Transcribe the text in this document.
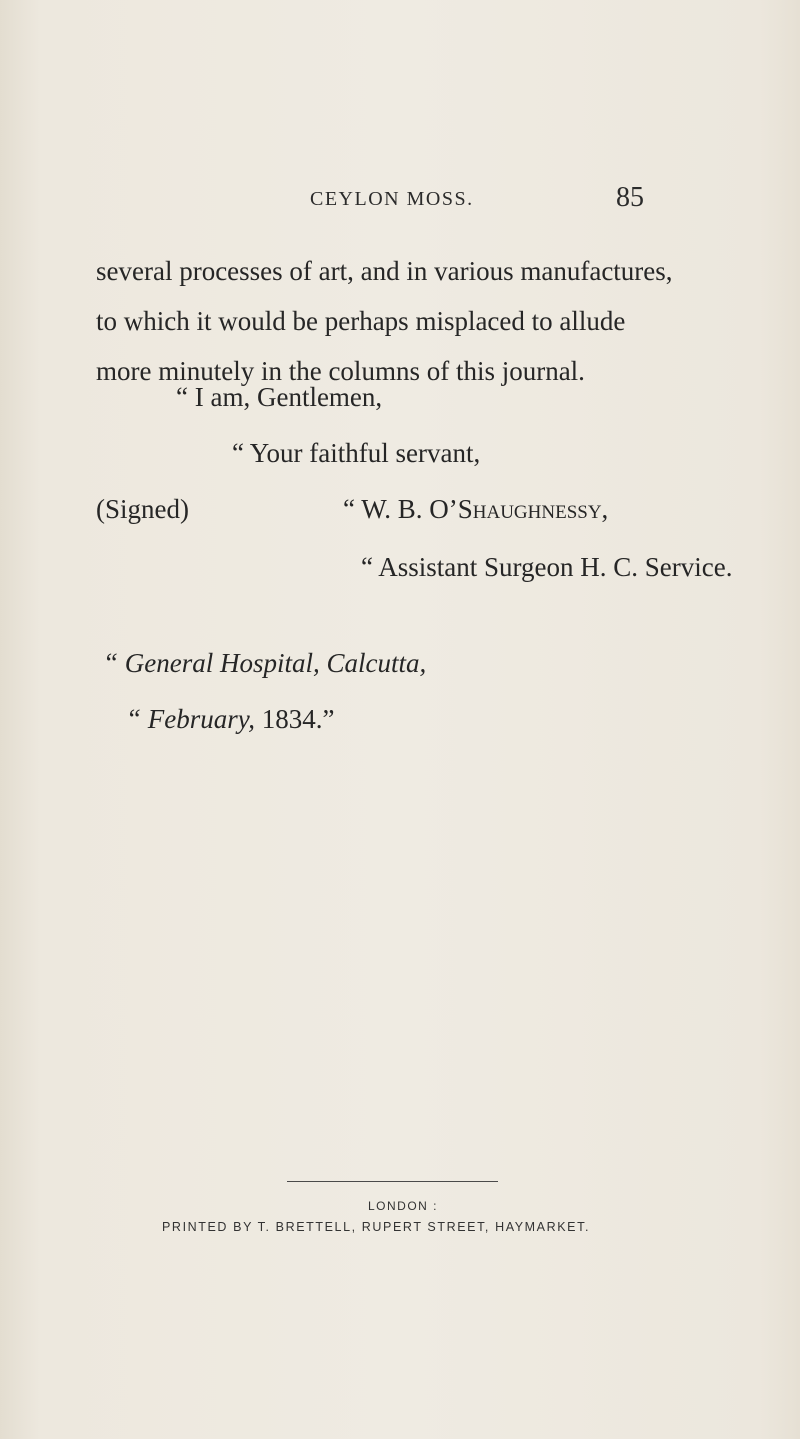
CEYLON MOSS.	85

several processes of art, and in various manufactures,

to which it would be perhaps misplaced to allude

more minutely in the columns of this journal.

“ I am, Gentlemen,
“ Your faithful servant,
(Signed)	“ W. B. O’Shaughnessy,
“ Assistant Surgeon H. C. Service.
“ General Hospital, Calcutta,
“ February, 1834.”
LONDON :
PRINTED BY T. BRETTELL, RUPERT STREET, HAYMARKET.
